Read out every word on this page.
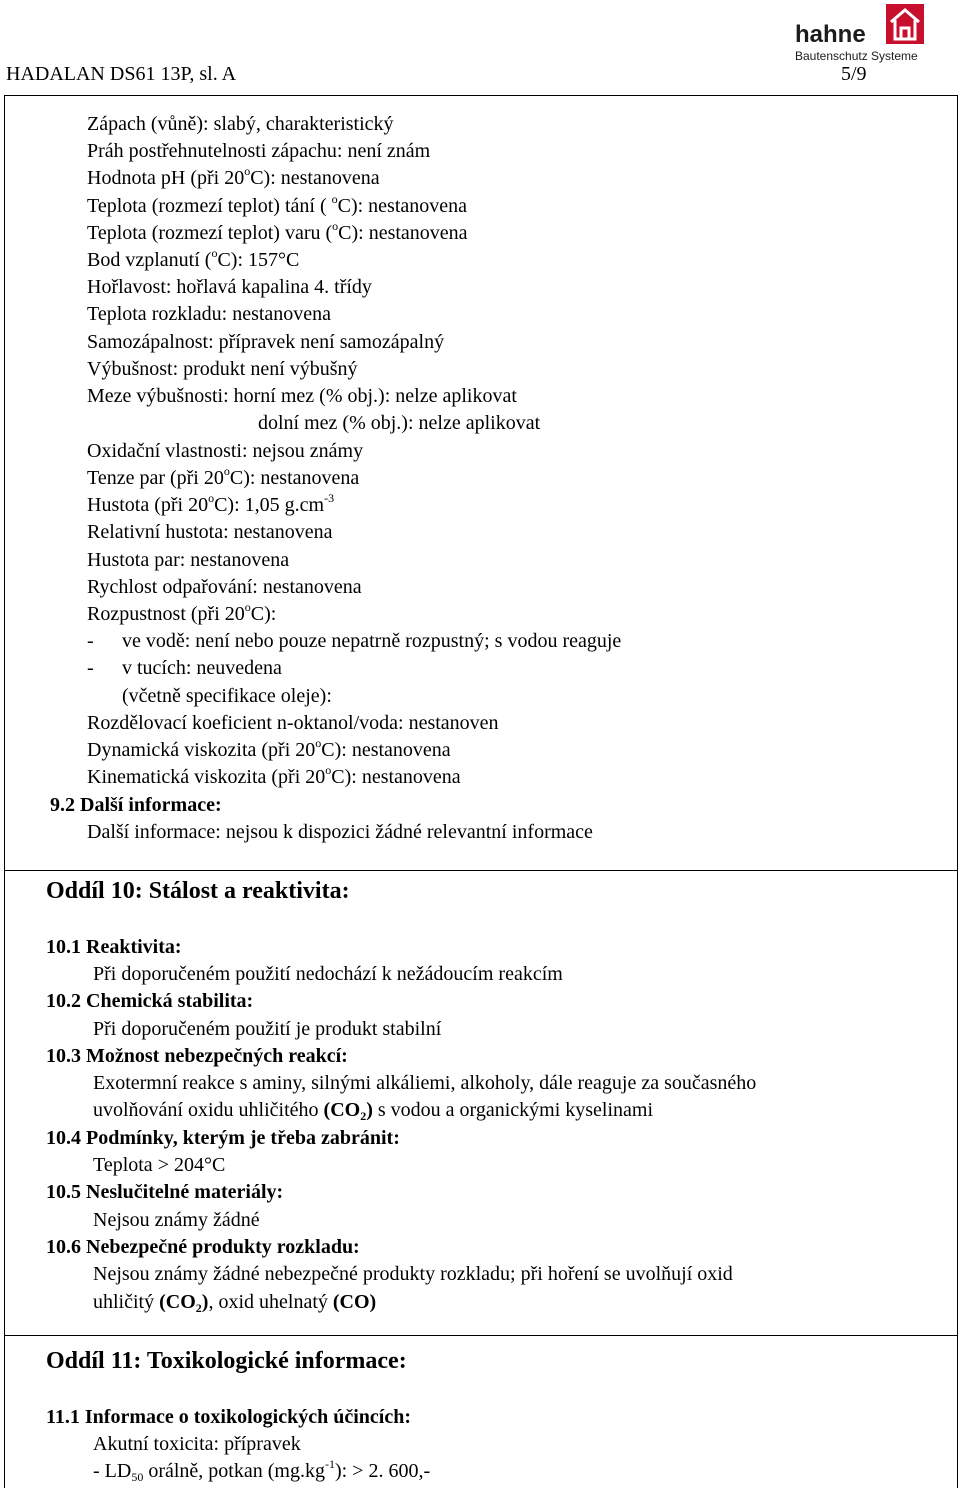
HADALAN DS61 13P, sl. A	5/9
hahne
Bautenschutz Systeme
Zápach (vůně): slabý, charakteristický
Práh postřehnutelnosti zápachu: není znám
Hodnota pH (při 20$^o$C): nestanovena
Teplota (rozmezí teplot) tání ( $^o$C): nestanovena
Teplota (rozmezí teplot) varu ($^o$C): nestanovena
Bod vzplanutí ($^o$C): 157°C
Hořlavost: hořlavá kapalina 4. třídy
Teplota rozkladu: nestanovena
Samozápalnost: přípravek není samozápalný
Výbušnost: produkt není výbušný
Meze výbušnosti: horní mez (% obj.): nelze aplikovat
dolní mez (% obj.): nelze aplikovat
Oxidační vlastnosti: nejsou známy
Tenze par (při 20$^o$C): nestanovena
Hustota (při 20$^o$C): 1,05 $g.cm^{-3}$
Relativní hustota: nestanovena
Hustota par: nestanovena
Rychlost odpařování: nestanovena
Rozpustnost (při 20$^o$C):
- ve vodě: není nebo pouze nepatrně rozpustný; s vodou reaguje
- v tucích: neuvedena
(včetně specifikace oleje):
Rozdělovací koeficient n-oktanol/voda: nestanoven
Dynamická viskozita (při 20$^o$C): nestanovena
Kinematická viskozita (při 20$^o$C): nestanovena
9.2 Další informace:
Další informace: nejsou k dispozici žádné relevantní informace
Oddíl 10: Stálost a reaktivita:
10.1 Reaktivita:
Při doporučeném použití nedochází k nežádoucím reakcím
10.2 Chemická stabilita:
Při doporučeném použití je produkt stabilní
10.3 Možnost nebezpečných reakcí:
Exotermní reakce s aminy, silnými alkáliemi, alkoholy, dále reaguje za současného
uvolňování oxidu uhličitého $(CO_2)$ s vodou a organickými kyselinami
10.4 Podmínky, kterým je třeba zabránit:
Teplota > 204°C
10.5 Neslučitelné materiály:
Nejsou známy žádné
10.6 Nebezpečné produkty rozkladu:
Nejsou známy žádné nebezpečné produkty rozkladu; při hoření se uvolňují oxid
uhličitý $(CO_2)$, oxid uhelnatý (CO)
Oddíl 11: Toxikologické informace:
11.1 Informace o toxikologických účincích:
Akutní toxicita: přípravek
- $LD_{50}$ orálně, potkan $(mg.kg^{-1})$: > 2. 600,-
